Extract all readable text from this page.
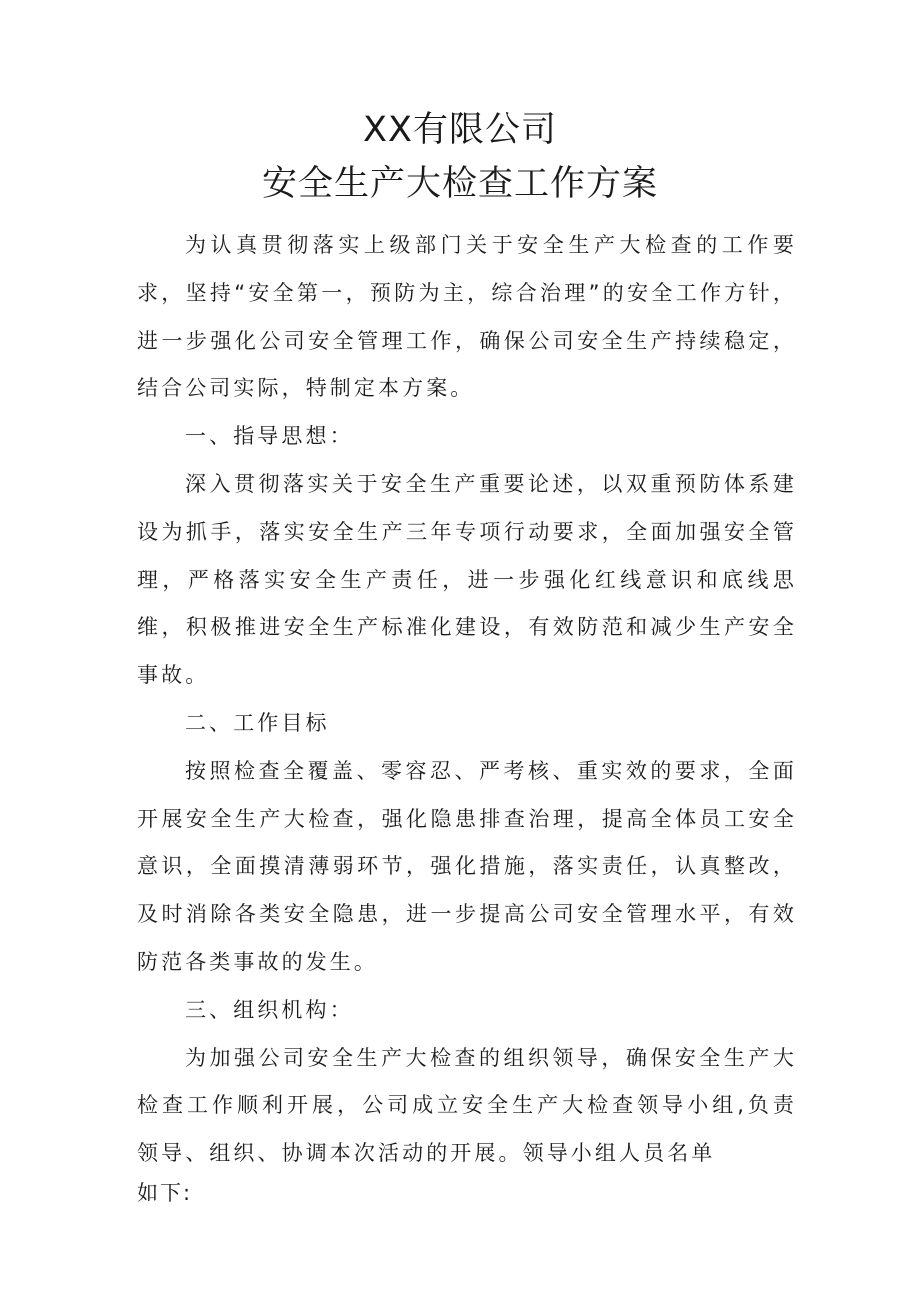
XX有限公司

安全生产大检查工作方案

为认真贯彻落实上级部门关于安全生产大检查的工作要求，坚持“安全第一，预防为主，综合治理”的安全工作方针，进一步强化公司安全管理工作，确保公司安全生产持续稳定，结合公司实际，特制定本方案。

一、指导思想：

深入贯彻落实关于安全生产重要论述，以双重预防体系建设为抓手，落实安全生产三年专项行动要求，全面加强安全管理，严格落实安全生产责任，进一步强化红线意识和底线思维，积极推进安全生产标准化建设，有效防范和减少生产安全事故。

二、工作目标

按照检查全覆盖、零容忍、严考核、重实效的要求，全面开展安全生产大检查，强化隐患排查治理，提高全体员工安全意识，全面摸清薄弱环节，强化措施，落实责任，认真整改，及时消除各类安全隐患，进一步提高公司安全管理水平，有效防范各类事故的发生。

三、组织机构：

为加强公司安全生产大检查的组织领导，确保安全生产大检查工作顺利开展，公司成立安全生产大检查领导小组,负责领导、组织、协调本次活动的开展。领导小组人员名单

如下:
